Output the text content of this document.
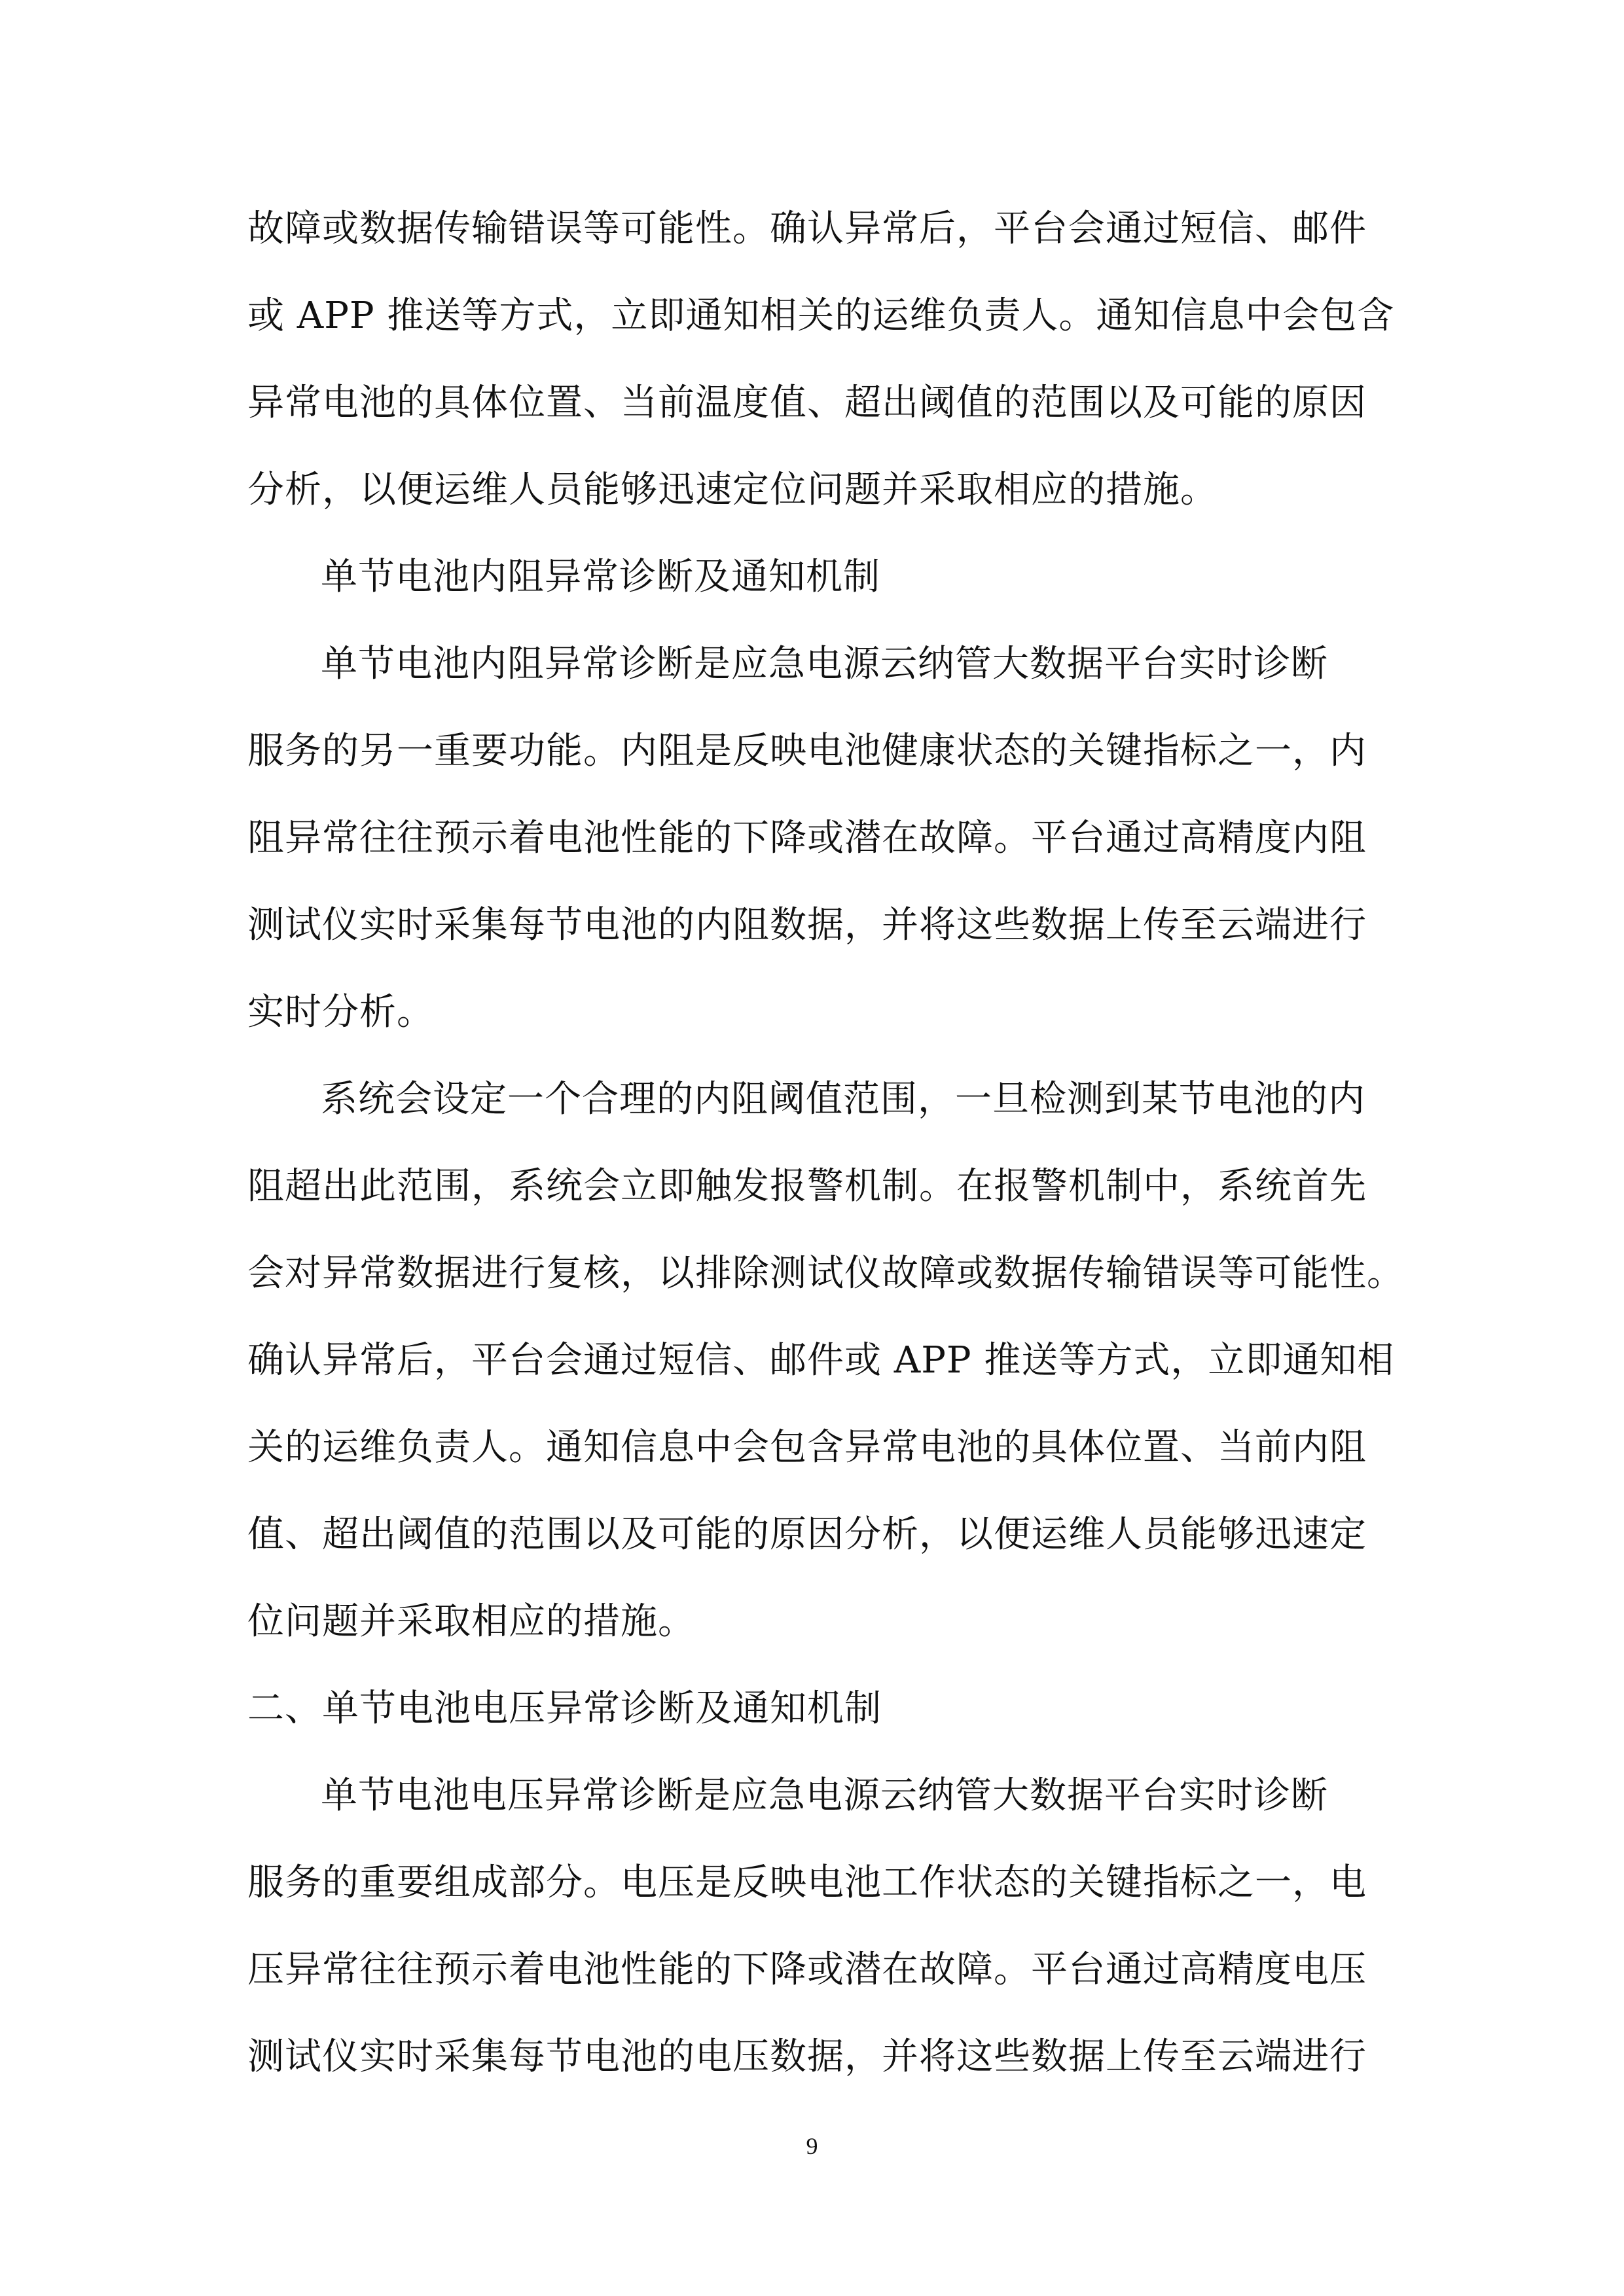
故障或数据传输错误等可能性。确认异常后，平台会通过短信、邮件
或 APP 推送等方式，立即通知相关的运维负责人。通知信息中会包含
异常电池的具体位置、当前温度值、超出阈值的范围以及可能的原因
分析，以便运维人员能够迅速定位问题并采取相应的措施。
单节电池内阻异常诊断及通知机制
单节电池内阻异常诊断是应急电源云纳管大数据平台实时诊断
服务的另一重要功能。内阻是反映电池健康状态的关键指标之一，内
阻异常往往预示着电池性能的下降或潜在故障。平台通过高精度内阻
测试仪实时采集每节电池的内阻数据，并将这些数据上传至云端进行
实时分析。
系统会设定一个合理的内阻阈值范围，一旦检测到某节电池的内
阻超出此范围，系统会立即触发报警机制。在报警机制中，系统首先
会对异常数据进行复核，以排除测试仪故障或数据传输错误等可能性。
确认异常后，平台会通过短信、邮件或 APP 推送等方式，立即通知相
关的运维负责人。通知信息中会包含异常电池的具体位置、当前内阻
值、超出阈值的范围以及可能的原因分析，以便运维人员能够迅速定
位问题并采取相应的措施。
二、单节电池电压异常诊断及通知机制
单节电池电压异常诊断是应急电源云纳管大数据平台实时诊断
服务的重要组成部分。电压是反映电池工作状态的关键指标之一，电
压异常往往预示着电池性能的下降或潜在故障。平台通过高精度电压
测试仪实时采集每节电池的电压数据，并将这些数据上传至云端进行
9
